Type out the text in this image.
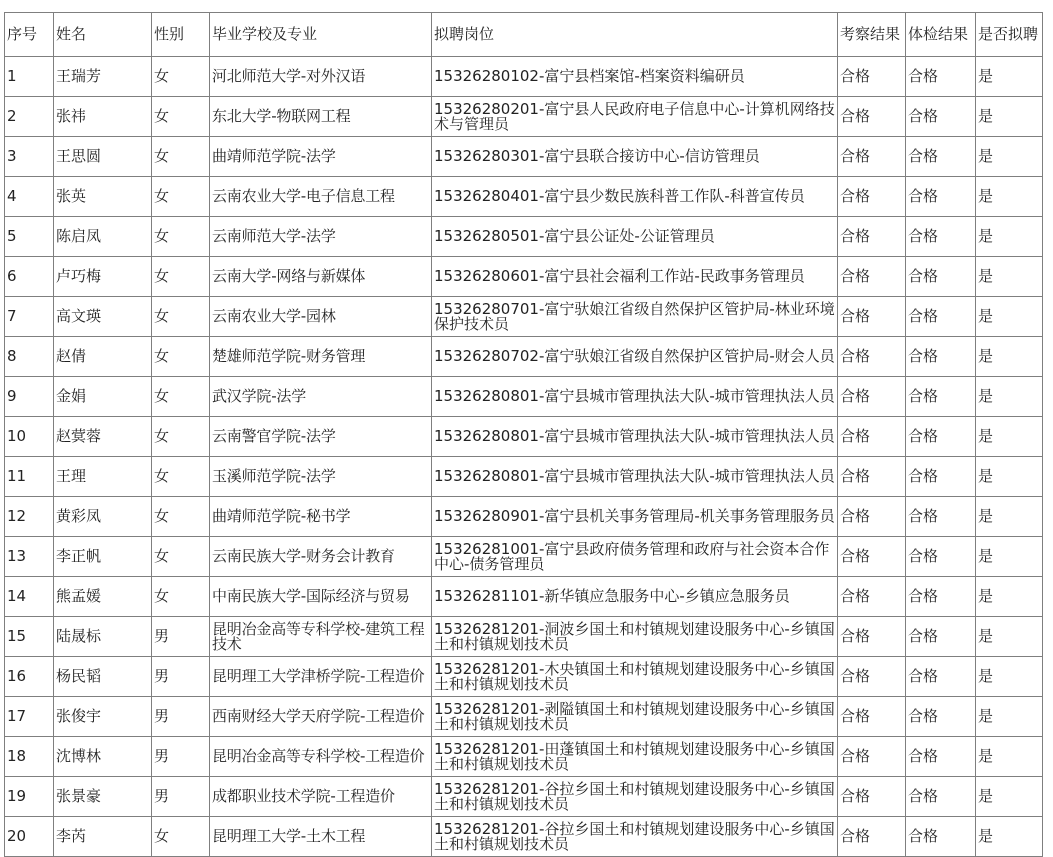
序号	姓名	性别	毕业学校及专业	拟聘岗位	考察结果	体检结果	是否拟聘
1	王瑞芳	女	河北师范大学-对外汉语	15326280102-富宁县档案馆-档案资料编研员	合格	合格	是
2	张祎	女	东北大学-物联网工程	15326280201-富宁县人民政府电子信息中心-计算机网络技术与管理员	合格	合格	是
3	王思圆	女	曲靖师范学院-法学	15326280301-富宁县联合接访中心-信访管理员	合格	合格	是
4	张英	女	云南农业大学-电子信息工程	15326280401-富宁县少数民族科普工作队-科普宣传员	合格	合格	是
5	陈启凤	女	云南师范大学-法学	15326280501-富宁县公证处-公证管理员	合格	合格	是
6	卢巧梅	女	云南大学-网络与新媒体	15326280601-富宁县社会福利工作站-民政事务管理员	合格	合格	是
7	高文瑛	女	云南农业大学-园林	15326280701-富宁驮娘江省级自然保护区管护局-林业环境保护技术员	合格	合格	是
8	赵倩	女	楚雄师范学院-财务管理	15326280702-富宁驮娘江省级自然保护区管护局-财会人员	合格	合格	是
9	金娟	女	武汉学院-法学	15326280801-富宁县城市管理执法大队-城市管理执法人员	合格	合格	是
10	赵蓂蓉	女	云南警官学院-法学	15326280801-富宁县城市管理执法大队-城市管理执法人员	合格	合格	是
11	王理	女	玉溪师范学院-法学	15326280801-富宁县城市管理执法大队-城市管理执法人员	合格	合格	是
12	黄彩凤	女	曲靖师范学院-秘书学	15326280901-富宁县机关事务管理局-机关事务管理服务员	合格	合格	是
13	李正帆	女	云南民族大学-财务会计教育	15326281001-富宁县政府债务管理和政府与社会资本合作中心-债务管理员	合格	合格	是
14	熊孟媛	女	中南民族大学-国际经济与贸易	15326281101-新华镇应急服务中心-乡镇应急服务员	合格	合格	是
15	陆晟标	男	昆明冶金高等专科学校-建筑工程技术	15326281201-洞波乡国土和村镇规划建设服务中心-乡镇国土和村镇规划技术员	合格	合格	是
16	杨民韬	男	昆明理工大学津桥学院-工程造价	15326281201-木央镇国土和村镇规划建设服务中心-乡镇国土和村镇规划技术员	合格	合格	是
17	张俊宇	男	西南财经大学天府学院-工程造价	15326281201-剥隘镇国土和村镇规划建设服务中心-乡镇国土和村镇规划技术员	合格	合格	是
18	沈博林	男	昆明冶金高等专科学校-工程造价	15326281201-田蓬镇国土和村镇规划建设服务中心-乡镇国土和村镇规划技术员	合格	合格	是
19	张景豪	男	成都职业技术学院-工程造价	15326281201-谷拉乡国土和村镇规划建设服务中心-乡镇国土和村镇规划技术员	合格	合格	是
20	李芮	女	昆明理工大学-土木工程	15326281201-谷拉乡国土和村镇规划建设服务中心-乡镇国土和村镇规划技术员	合格	合格	是
